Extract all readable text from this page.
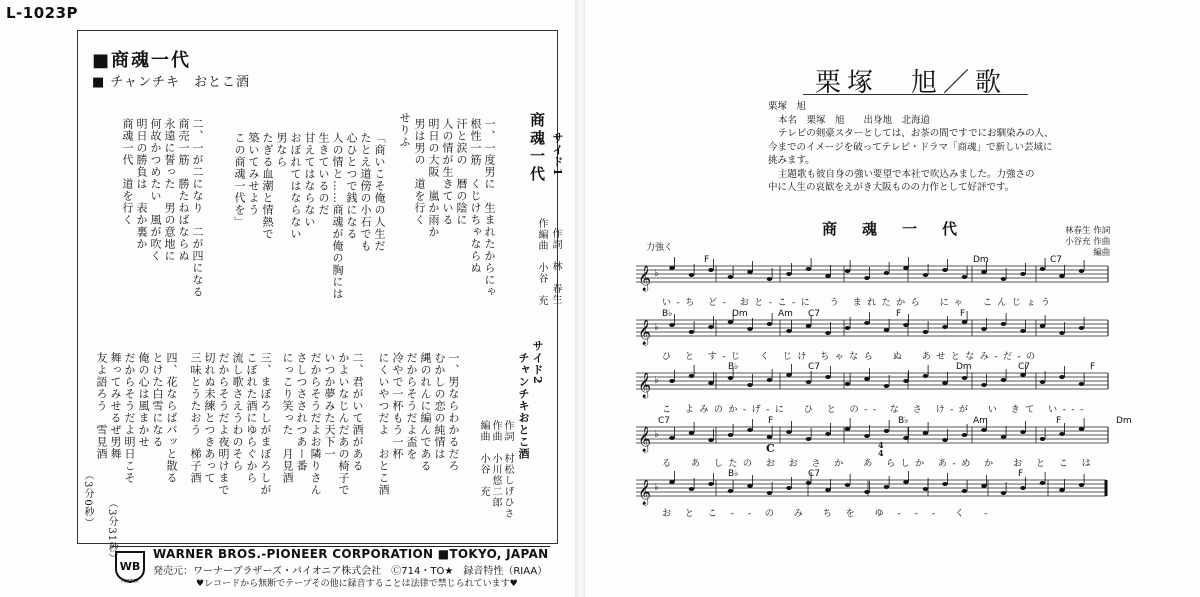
L-1023P
■商魂一代
■ チャンチキ　おとこ酒
サイド1
商魂一代
作詞　林　春生
作編曲　小谷　充
一、一度男に　生まれたからにゃ
根性一筋　くじけちゃならぬ
汗と涙の　暦の陰に
人の情が生きている
明日の大阪　嵐か雨か
男は男の　道を行く
せりふ
「商いこそ俺の人生だ
たとえ道傍の小石でも
心ひとつで銭になる
人の情と……商魂が俺の胸には
生きているのだ
甘えてはならない
おぼれてはならない
男なら
たぎる血潮と情熱で
築いてみせよう
この商魂一代を」
二、一が二になり　二が四になる
商売一筋　勝たねばならぬ
永遠に誓った　男の意地に
何故かつめたい　風が吹く
明日の勝負は　表か裏か
商魂一代　道を行く
（3分31秒）
サイド2
チャンチキおとこ酒
作詞　村松しげひさ
作曲　小川悠二郎
編曲　小谷　充
一、男ならわかるだろ
むかしの恋の純情は
縄のれんに編んである
だからそうだよ盃を
冷やで一杯もう一杯
にくいやつだよ　おとこ酒
二、君がいて酒がある
かよいなじんだあの椅子で
いつか夢みた天下一
だからそうだよお隣りさん
さしつさされつあー番
にっこり笑った　月見酒
三、まぼろしがまぼろしが
こぼれた酒にゆらぐから
流し歌さえうわのそら
だからそうだよ夜明けまで
切れぬ未練とつきあって
三味とうたおう　梯子酒
四、花ならばパッと散る
とけた白雪になる
俺の心は風まかせ
だからそうだよ明日こそ
舞ってみせるぜ男舞
友よ語ろう　雪見酒
（3分0秒）
WB
PIONEER
WARNER BROS.-PIONEER CORPORATION ■TOKYO, JAPAN
発売元：ワーナーブラザーズ・パイオニア株式会社　Ⓒ714・TO★　録音特性（RIAA）
♥レコードから無断でテープその他に録音することは法律で禁じられています♥
栗塚　旭／歌

栗塚　旭

本名　栗塚　旭　　出身地　北海道

テレビの剣豪スターとしては、お茶の間ですでにお馴染みの人、

今までのイメージを破ってテレビ・ドラマ「商魂」で新しい芸域に

挑みます。

主題歌も彼自身の強い要望で本社で吹込みました。力強さの

中に人生の哀歓をえがき大阪ものの力作として好評です。

商　魂　一　代	林春生 作詞
小谷充 作曲
　　　編曲
力強く
𝄞 ♭
F	Dm	C7
𝄞 ♭
B♭	Dm	Am C7	F	F
𝄞 ♭
B♭	C7	Dm	C7	F
𝄞 ♭
C7	F	B♭	Am	F	Dm
𝄞 ♭
B♭	C7	F
C	4
4
い-ち ど- おと-こ-に　う まれたから　にゃ　こんじょう
ひ と す-じ　く じけ ちゃなら　ぬ　あせとなみ-だ-の
こ よみのか-げ-に　ひ と の-- な さ け-が　い きて い---
る　あ したの お お さ か　あ らしか あ-め か　お と こ は
お と こ - - の　み　ち を　ゆ - - -　く　-
